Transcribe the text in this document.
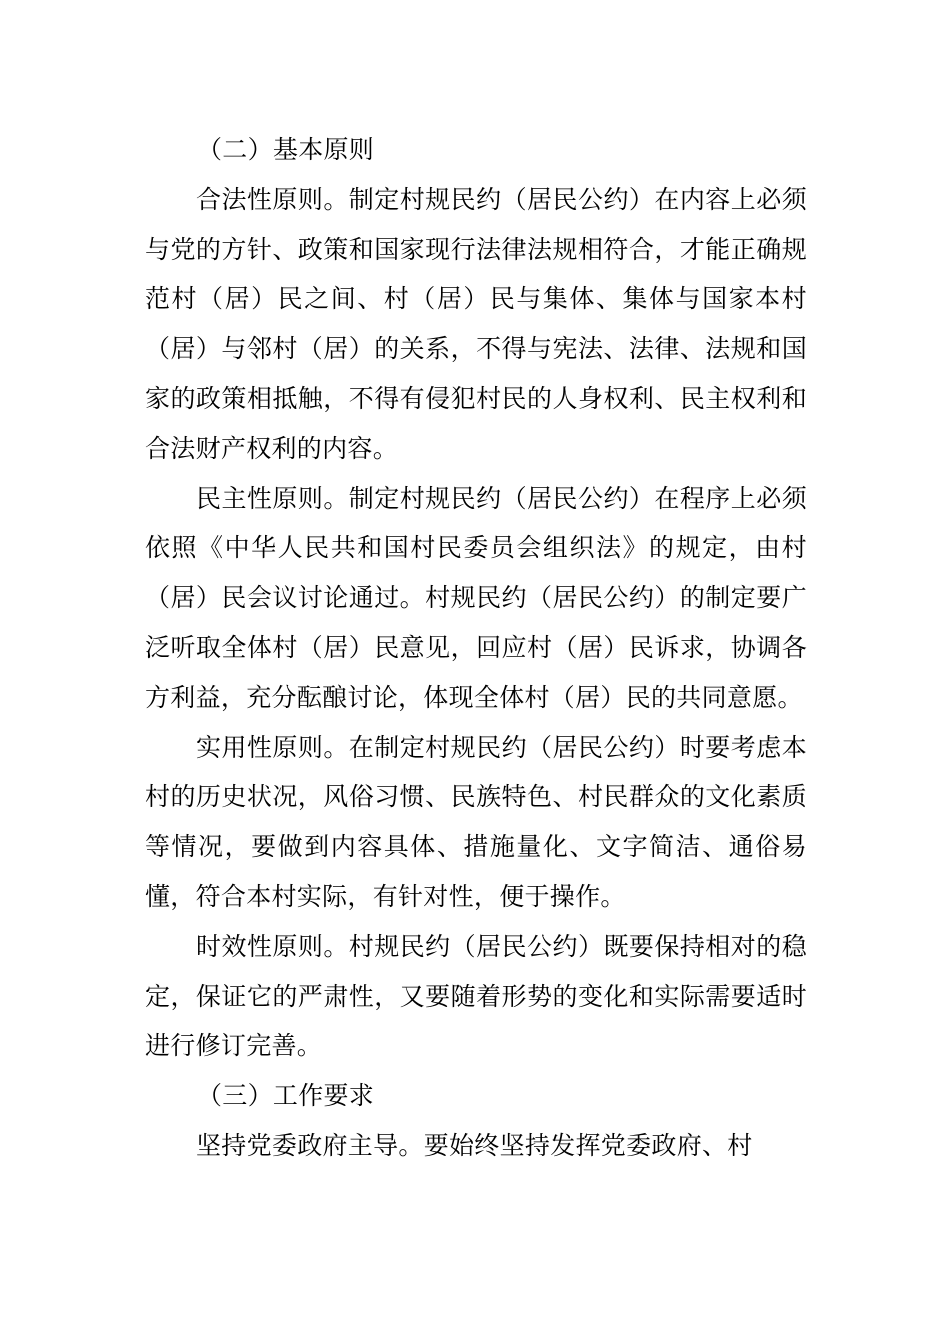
（二）基本原则

合法性原则。制定村规民约（居民公约）在内容上必须与党的方针、政策和国家现行法律法规相符合，才能正确规范村（居）民之间、村（居）民与集体、集体与国家本村（居）与邻村（居）的关系，不得与宪法、法律、法规和国家的政策相抵触，不得有侵犯村民的人身权利、民主权利和合法财产权利的内容。

民主性原则。制定村规民约（居民公约）在程序上必须依照《中华人民共和国村民委员会组织法》的规定，由村（居）民会议讨论通过。村规民约（居民公约）的制定要广泛听取全体村（居）民意见，回应村（居）民诉求，协调各方利益，充分酝酿讨论，体现全体村（居）民的共同意愿。

实用性原则。在制定村规民约（居民公约）时要考虑本村的历史状况，风俗习惯、民族特色、村民群众的文化素质等情况，要做到内容具体、措施量化、文字简洁、通俗易懂，符合本村实际，有针对性，便于操作。

时效性原则。村规民约（居民公约）既要保持相对的稳定，保证它的严肃性，又要随着形势的变化和实际需要适时进行修订完善。

（三）工作要求

坚持党委政府主导。要始终坚持发挥党委政府、村
